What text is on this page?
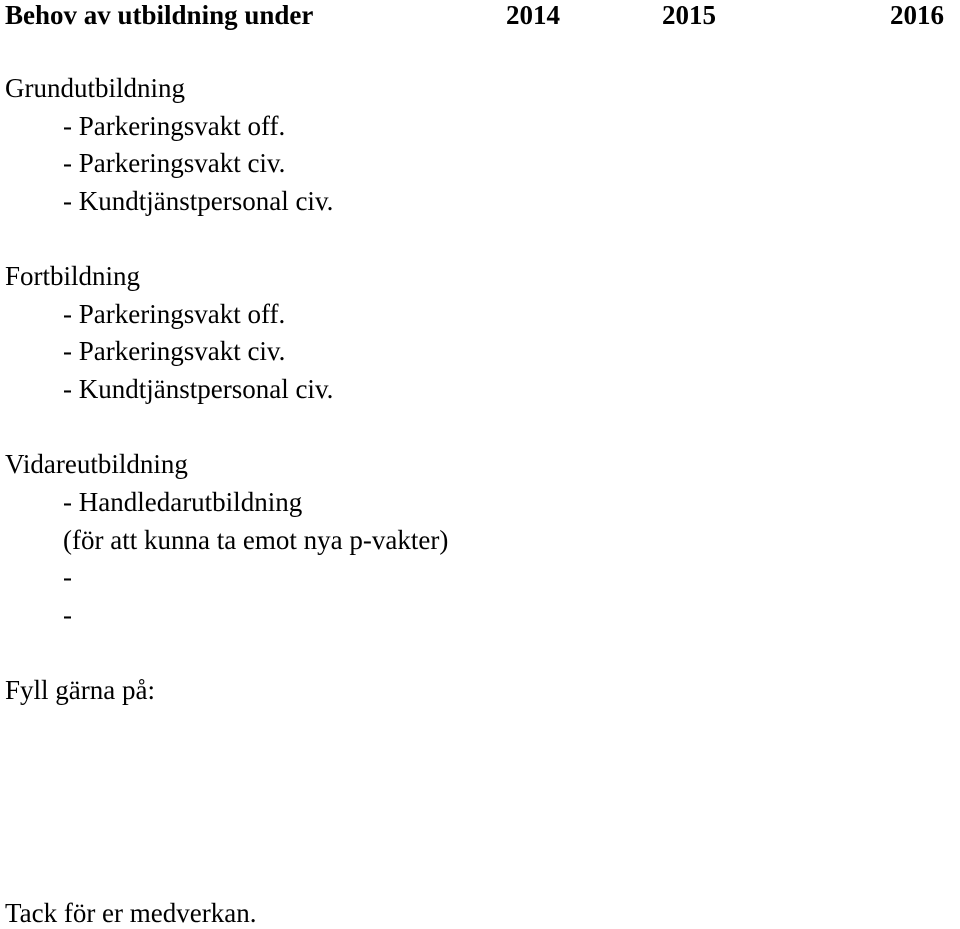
Behov av utbildning under	2014	2015	2016
Grundutbildning
- Parkeringsvakt off.
- Parkeringsvakt civ.
- Kundtjänstpersonal civ.
Fortbildning
- Parkeringsvakt off.
- Parkeringsvakt civ.
- Kundtjänstpersonal civ.
Vidareutbildning
- Handledarutbildning
(för att kunna ta emot nya p-vakter)
-
-
Fyll gärna på:
Tack för er medverkan.
